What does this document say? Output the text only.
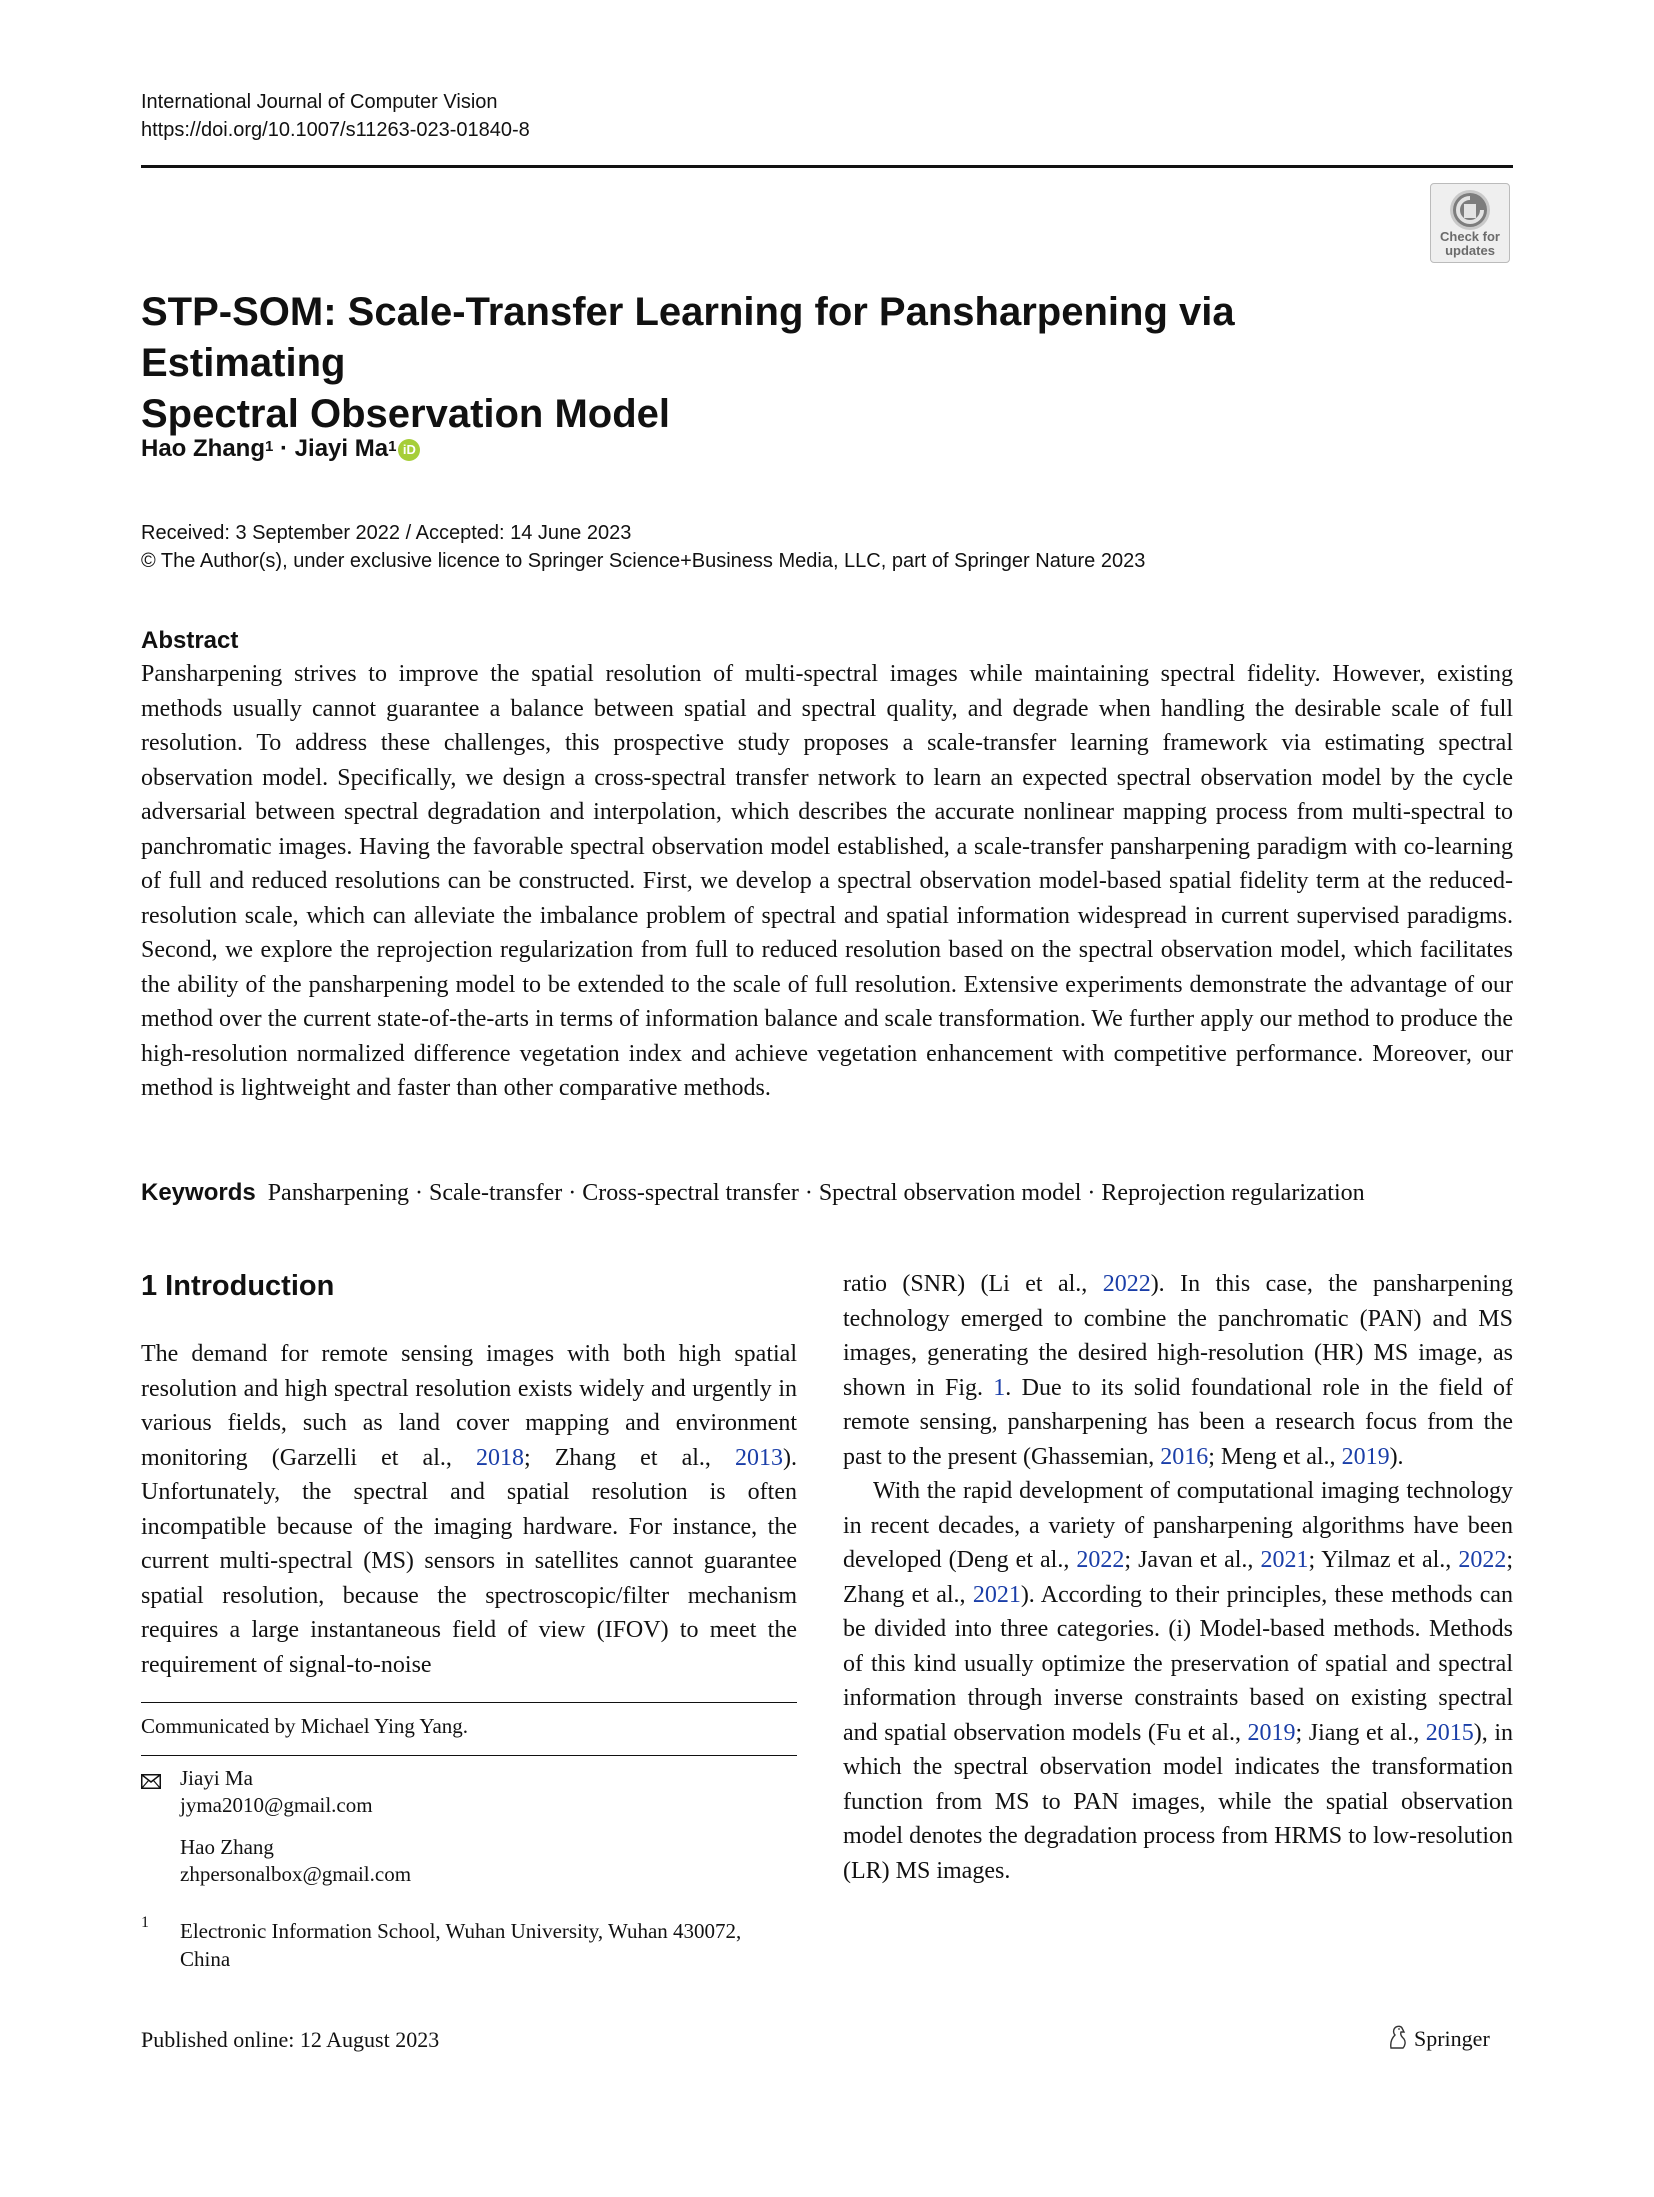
International Journal of Computer Vision
https://doi.org/10.1007/s11263-023-01840-8
Check for
updates
STP-SOM: Scale-Transfer Learning for Pansharpening via Estimating
Spectral Observation Model
Hao Zhang$^1$ · Jiayi Ma$^1$ iD
Received: 3 September 2022 / Accepted: 14 June 2023
© The Author(s), under exclusive licence to Springer Science+Business Media, LLC, part of Springer Nature 2023
Abstract
Pansharpening strives to improve the spatial resolution of multi-spectral images while maintaining spectral fidelity. However, existing methods usually cannot guarantee a balance between spatial and spectral quality, and degrade when handling the desirable scale of full resolution. To address these challenges, this prospective study proposes a scale-transfer learning framework via estimating spectral observation model. Specifically, we design a cross-spectral transfer network to learn an expected spectral observation model by the cycle adversarial between spectral degradation and interpolation, which describes the accurate nonlinear mapping process from multi-spectral to panchromatic images. Having the favorable spectral observation model established, a scale-transfer pansharpening paradigm with co-learning of full and reduced resolutions can be constructed. First, we develop a spectral observation model-based spatial fidelity term at the reduced-resolution scale, which can alleviate the imbalance problem of spectral and spatial information widespread in current supervised paradigms. Second, we explore the reprojection regularization from full to reduced resolution based on the spectral observation model, which facilitates the ability of the pansharpening model to be extended to the scale of full resolution. Extensive experiments demonstrate the advantage of our method over the current state-of-the-arts in terms of information balance and scale transformation. We further apply our method to produce the high-resolution normalized difference vegetation index and achieve vegetation enhancement with competitive performance. Moreover, our method is lightweight and faster than other comparative methods.
Keywords Pansharpening · Scale-transfer · Cross-spectral transfer · Spectral observation model · Reprojection regularization
1 Introduction

The demand for remote sensing images with both high spatial resolution and high spectral resolution exists widely and urgently in various fields, such as land cover mapping and environment monitoring (Garzelli et al., 2018; Zhang et al., 2013). Unfortunately, the spectral and spatial resolution is often incompatible because of the imaging hardware. For instance, the current multi-spectral (MS) sensors in satellites cannot guarantee spatial resolution, because the spectroscopic/filter mechanism requires a large instantaneous field of view (IFOV) to meet the requirement of signal-to-noise

ratio (SNR) (Li et al., 2022). In this case, the pansharpening technology emerged to combine the panchromatic (PAN) and MS images, generating the desired high-resolution (HR) MS image, as shown in Fig. 1. Due to its solid foundational role in the field of remote sensing, pansharpening has been a research focus from the past to the present (Ghassemian, 2016; Meng et al., 2019).

With the rapid development of computational imaging technology in recent decades, a variety of pansharpening algorithms have been developed (Deng et al., 2022; Javan et al., 2021; Yilmaz et al., 2022; Zhang et al., 2021). According to their principles, these methods can be divided into three categories. (i) Model-based methods. Methods of this kind usually optimize the preservation of spatial and spectral information through inverse constraints based on existing spectral and spatial observation models (Fu et al., 2019; Jiang et al., 2015), in which the spectral observation model indicates the transformation function from MS to PAN images, while the spatial observation model denotes the degradation process from HRMS to low-resolution (LR) MS images.

Communicated by Michael Ying Yang.
Jiayi Ma
jyma2010@gmail.com
Hao Zhang
zhpersonalbox@gmail.com
1 Electronic Information School, Wuhan University, Wuhan 430072, China
Published online: 12 August 2023	Springer
